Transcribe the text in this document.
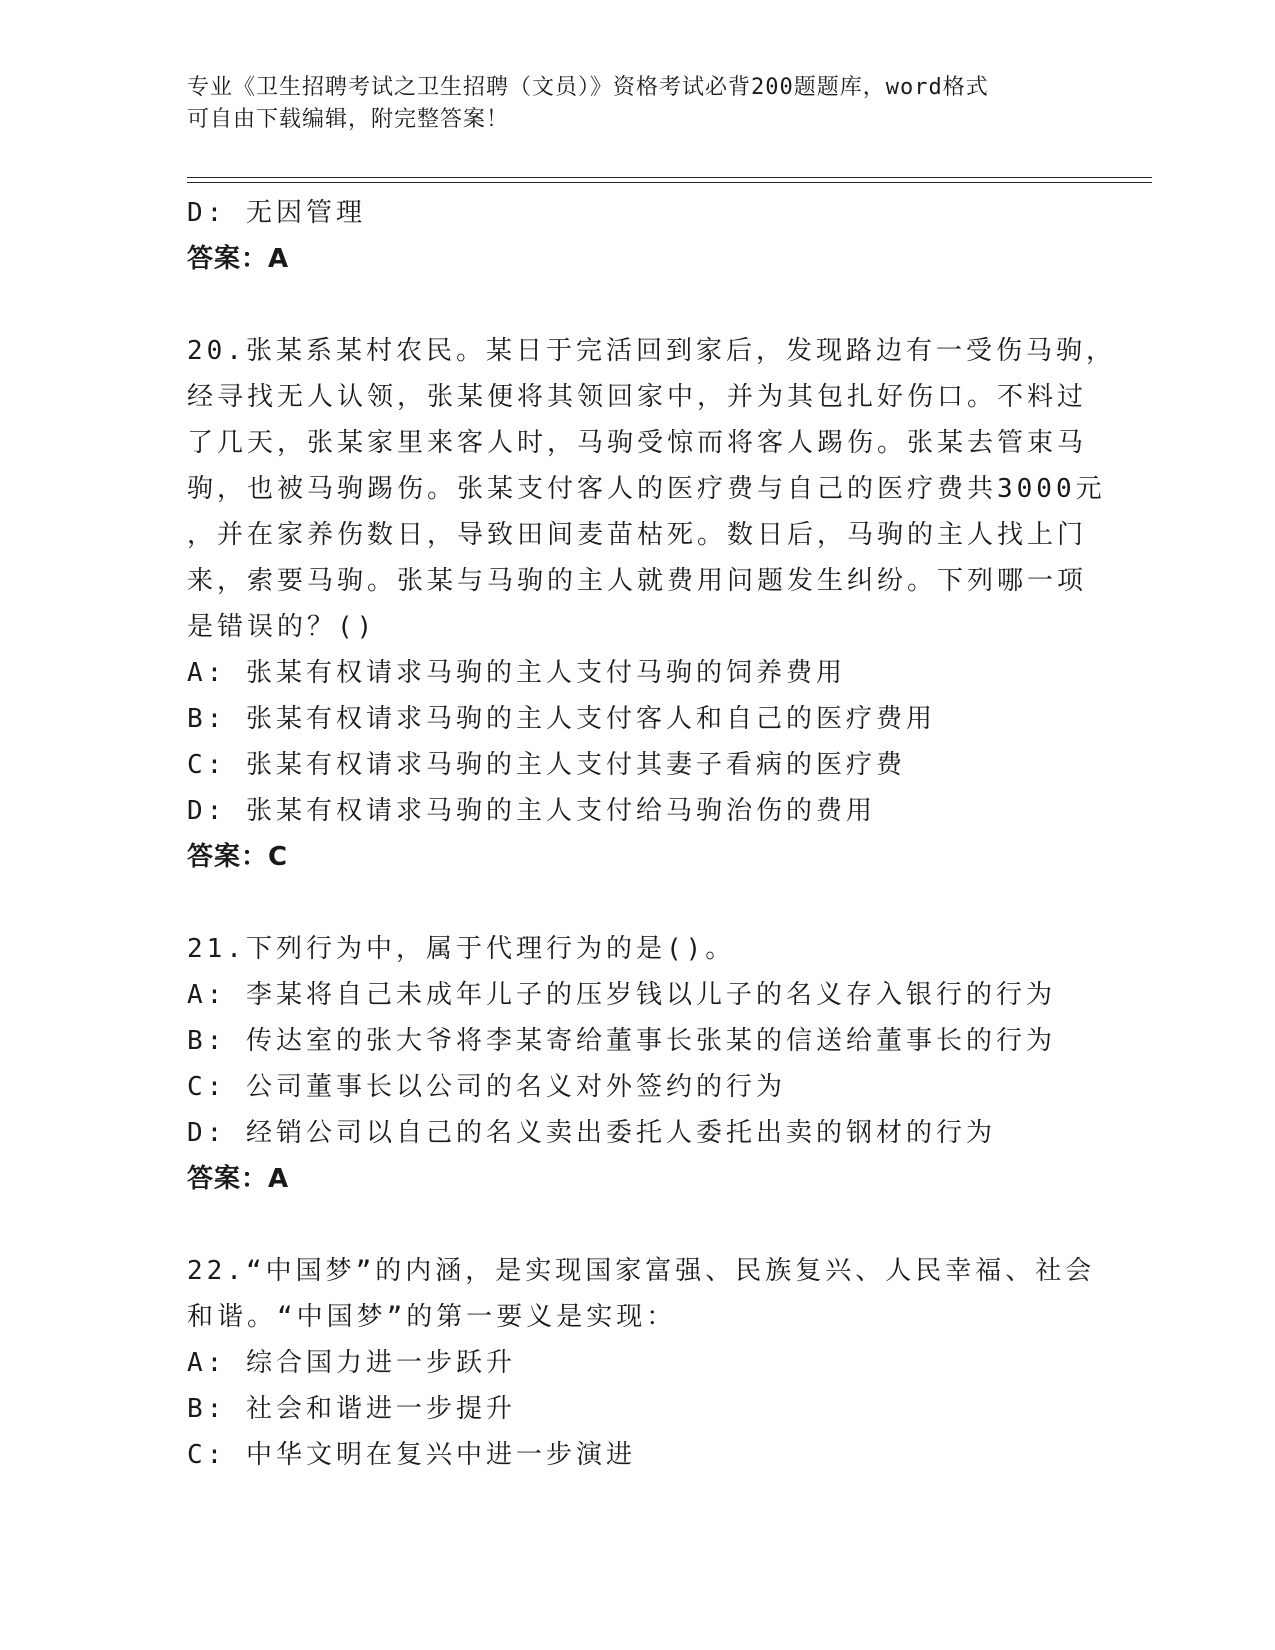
专业《卫生招聘考试之卫生招聘（文员）》资格考试必背200题题库，word格式
可自由下载编辑，附完整答案！
D: 无因管理
答案：A
20.张某系某村农民。某日于完活回到家后，发现路边有一受伤马驹，
经寻找无人认领，张某便将其领回家中，并为其包扎好伤口。不料过
了几天，张某家里来客人时，马驹受惊而将客人踢伤。张某去管束马
驹，也被马驹踢伤。张某支付客人的医疗费与自己的医疗费共3000元
，并在家养伤数日，导致田间麦苗枯死。数日后，马驹的主人找上门
来，索要马驹。张某与马驹的主人就费用问题发生纠纷。下列哪一项
是错误的？()
A: 张某有权请求马驹的主人支付马驹的饲养费用
B: 张某有权请求马驹的主人支付客人和自己的医疗费用
C: 张某有权请求马驹的主人支付其妻子看病的医疗费
D: 张某有权请求马驹的主人支付给马驹治伤的费用
答案：C
21.下列行为中，属于代理行为的是()。
A: 李某将自己未成年儿子的压岁钱以儿子的名义存入银行的行为
B: 传达室的张大爷将李某寄给董事长张某的信送给董事长的行为
C: 公司董事长以公司的名义对外签约的行为
D: 经销公司以自己的名义卖出委托人委托出卖的钢材的行为
答案：A
22.“中国梦”的内涵，是实现国家富强、民族复兴、人民幸福、社会
和谐。“中国梦”的第一要义是实现：
A: 综合国力进一步跃升
B: 社会和谐进一步提升
C: 中华文明在复兴中进一步演进
